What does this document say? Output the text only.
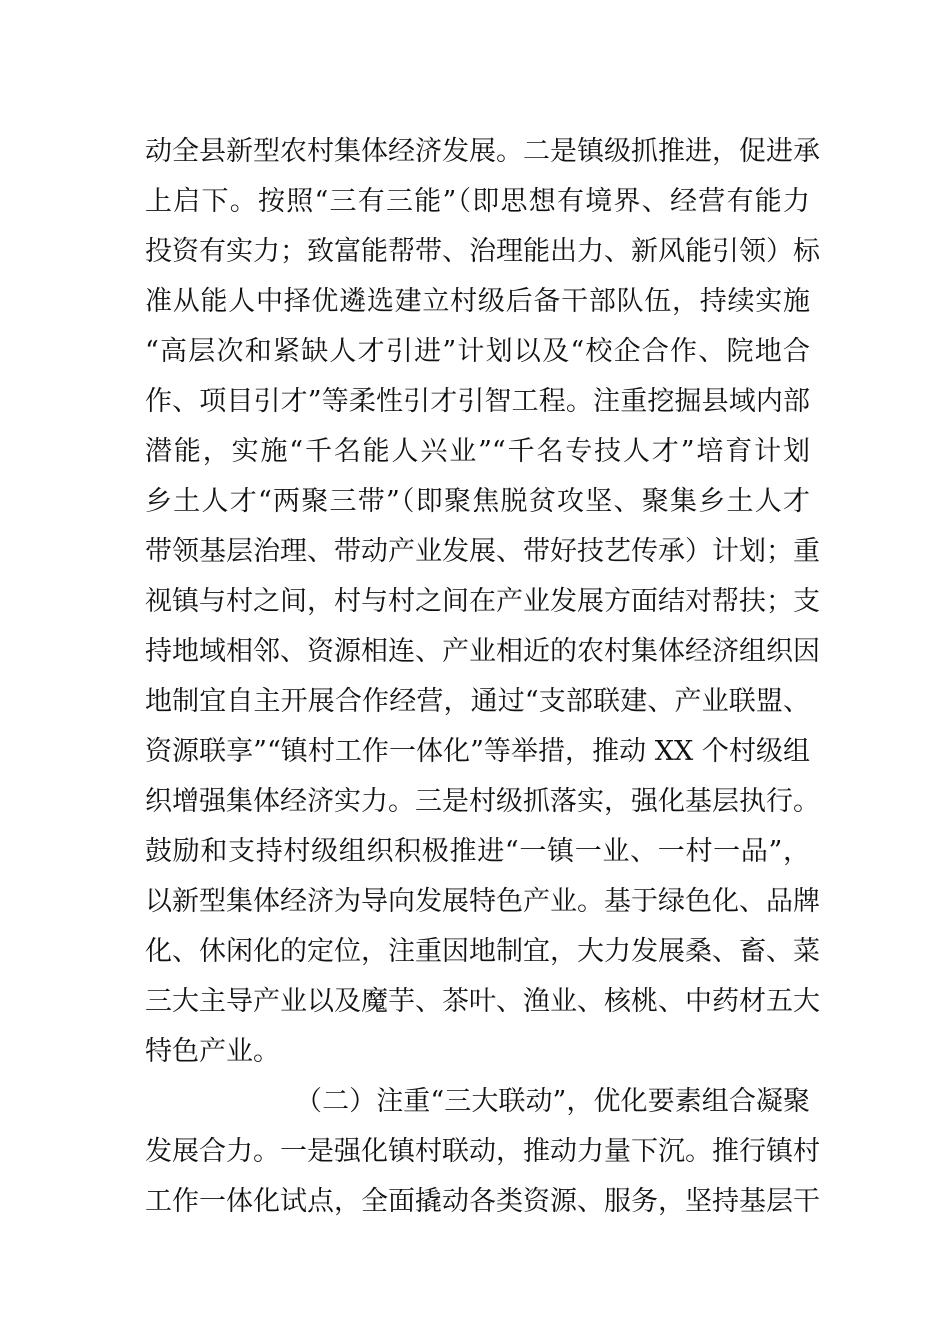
动全县新型农村集体经济发展。二是镇级抓推进，促进承
上启下。按照“三有三能”（即思想有境界、经营有能力
投资有实力；致富能帮带、治理能出力、新风能引领）标
准从能人中择优遴选建立村级后备干部队伍，持续实施
“高层次和紧缺人才引进”计划以及“校企合作、院地合
作、项目引才”等柔性引才引智工程。注重挖掘县域内部
潜能，实施“千名能人兴业”“千名专技人才”培育计划
乡土人才“两聚三带”（即聚焦脱贫攻坚、聚集乡土人才
带领基层治理、带动产业发展、带好技艺传承）计划；重
视镇与村之间，村与村之间在产业发展方面结对帮扶；支
持地域相邻、资源相连、产业相近的农村集体经济组织因
地制宜自主开展合作经营，通过“支部联建、产业联盟、
资源联享”“镇村工作一体化”等举措，推动 XX 个村级组
织增强集体经济实力。三是村级抓落实，强化基层执行。
鼓励和支持村级组织积极推进“一镇一业、一村一品”，
以新型集体经济为导向发展特色产业。基于绿色化、品牌
化、休闲化的定位，注重因地制宜，大力发展桑、畜、菜
三大主导产业以及魔芋、茶叶、渔业、核桃、中药材五大
特色产业。
（二）注重“三大联动”，优化要素组合凝聚
发展合力。一是强化镇村联动，推动力量下沉。推行镇村
工作一体化试点，全面撬动各类资源、服务，坚持基层干
